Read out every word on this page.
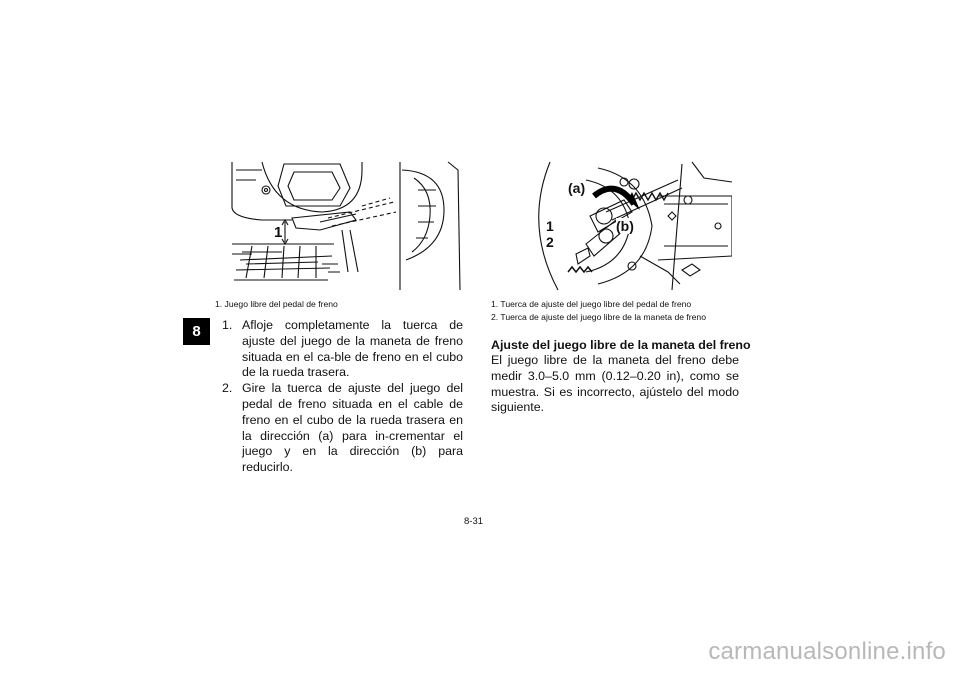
8
1
1. Juego libre del pedal de freno
(a)
(b)
1
2
1. Tuerca de ajuste del juego libre del pedal de freno
2. Tuerca de ajuste del juego libre de la maneta de freno
1. Afloje completamente la tuerca de ajuste del juego de la maneta de freno situada en el ca-ble de freno en el cubo de la rueda trasera.
2. Gire la tuerca de ajuste del juego del pedal de freno situada en el cable de freno en el cubo de la rueda trasera en la dirección (a) para in-crementar el juego y en la dirección (b) para reducirlo.
Ajuste del juego libre de la maneta del freno
El juego libre de la maneta del freno debe medir 3.0–5.0 mm (0.12–0.20 in), como se muestra. Si es incorrecto, ajústelo del modo siguiente.
8-31
carmanualsonline.info
